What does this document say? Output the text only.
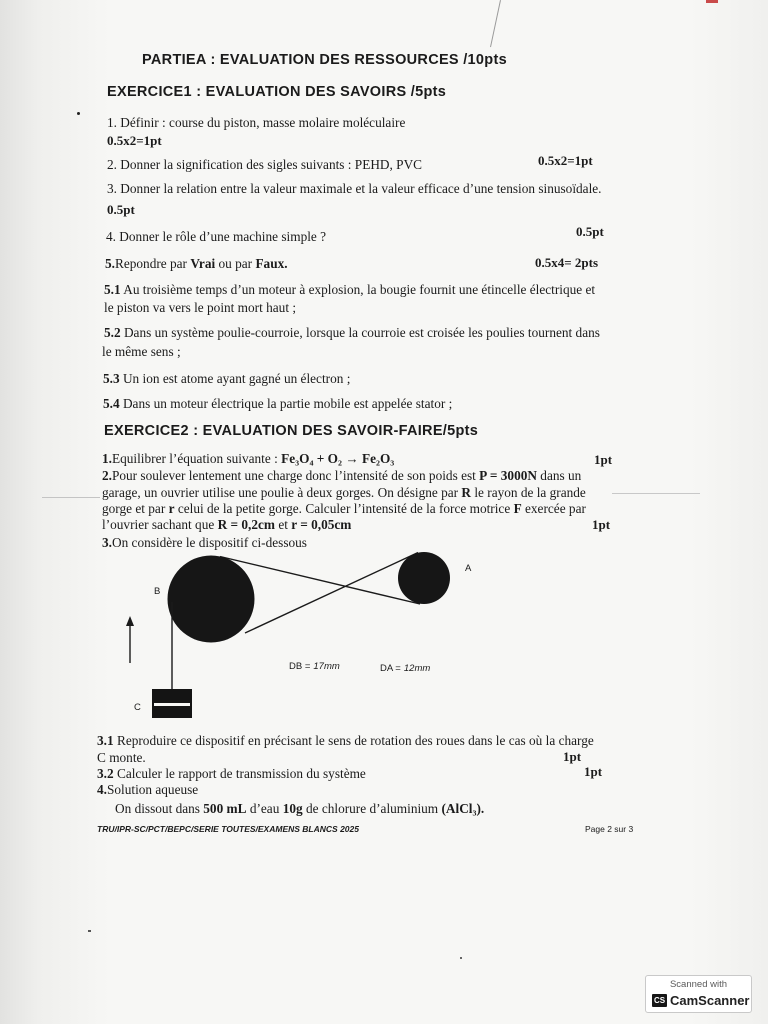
PARTIEA : EVALUATION DES RESSOURCES /10pts
EXERCICE1 : EVALUATION DES SAVOIRS /5pts
1. Définir : course du piston, masse molaire moléculaire
0.5x2=1pt
2. Donner la signification des sigles suivants : PEHD, PVC	0.5x2=1pt
3. Donner la relation entre la valeur maximale et la valeur efficace d’une tension sinusoïdale.
0.5pt
4. Donner le rôle d’une machine simple ?	0.5pt
5.Repondre par Vrai ou par Faux.	0.5x4= 2pts
5.1 Au troisième temps d’un moteur à explosion, la bougie fournit une étincelle électrique et
le piston va vers le point mort haut ;
5.2 Dans un système poulie-courroie, lorsque la courroie est croisée les poulies tournent dans
le même sens ;
5.3 Un ion est atome ayant gagné un électron ;
5.4 Dans un moteur électrique la partie mobile est appelée stator ;
EXERCICE2 : EVALUATION DES SAVOIR-FAIRE/5pts
1.Equilibrer l’équation suivante : Fe₃O₄ + O₂ → Fe₂O₃	1pt
2.Pour soulever lentement une charge donc l’intensité de son poids est P = 3000N dans un
garage, un ouvrier utilise une poulie à deux gorges. On désigne par R le rayon de la grande
gorge et par r celui de la petite gorge. Calculer l’intensité de la force motrice F exercée par
l’ouvrier sachant que R = 0,2cm et r = 0,05cm	1pt
3.On considère le dispositif ci-dessous
B
A
C
DB = 17mm	DA = 12mm
3.1 Reproduire ce dispositif en précisant le sens de rotation des roues dans le cas où la charge
C monte.	1pt
3.2 Calculer le rapport de transmission du système	1pt
4.Solution aqueuse
On dissout dans 500 mL d’eau 10g de chlorure d’aluminium (AlCl₃).
TRU/IPR-SC/PCT/BEPC/SERIE TOUTES/EXAMENS BLANCS 2025	Page 2 sur 3
Scanned with
CS CamScanner
